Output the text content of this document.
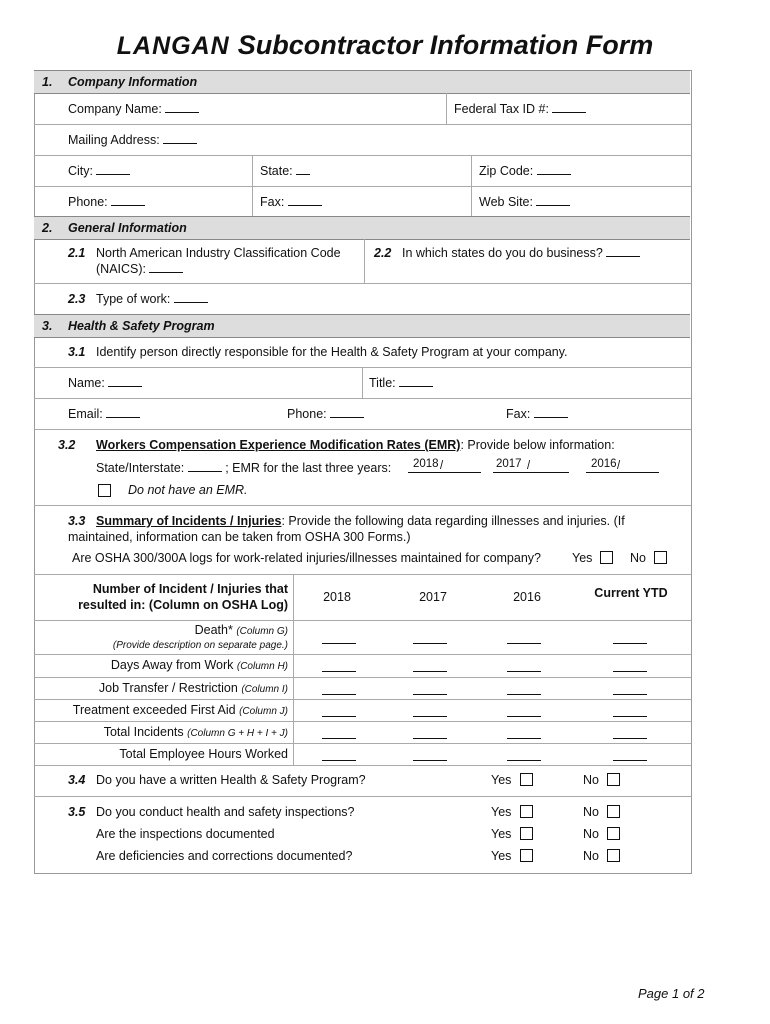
LANGAN Subcontractor Information Form
1. Company Information
Company Name:	Federal Tax ID #:
Mailing Address:
City:	State:	Zip Code:
Phone:	Fax:	Web Site:
2. General Information
2.1 North American Industry Classification Code
(NAICS):
2.2 In which states do you do business?
2.3 Type of work:
3. Health & Safety Program
3.1 Identify person directly responsible for the Health & Safety Program at your company.
Name:	Title:
Email:	Phone:	Fax:
3.2 Workers Compensation Experience Modification Rates (EMR): Provide below information:
State/Interstate:	; EMR for the last three years: 2018 /	2017 /	2016 /
Do not have an EMR.
3.3 Summary of Incidents / Injuries: Provide the following data regarding illnesses and injuries. (If
maintained, information can be taken from OSHA 300 Forms.)
Are OSHA 300/300A logs for work-related injuries/illnesses maintained for company? Yes	No
Number of Incident / Injuries that
resulted in: (Column on OSHA Log)
2018	2017	2016	Current YTD
Death* (Column G)
(Provide description on separate page.)
Days Away from Work (Column H)
Job Transfer / Restriction (Column I)
Treatment exceeded First Aid (Column J)
Total Incidents (Column G + H + I + J)
Total Employee Hours Worked
3.4 Do you have a written Health & Safety Program?	Yes	No
3.5 Do you conduct health and safety inspections?	Yes	No
Are the inspections documented	Yes	No
Are deficiencies and corrections documented?	Yes	No
Page 1 of 2
